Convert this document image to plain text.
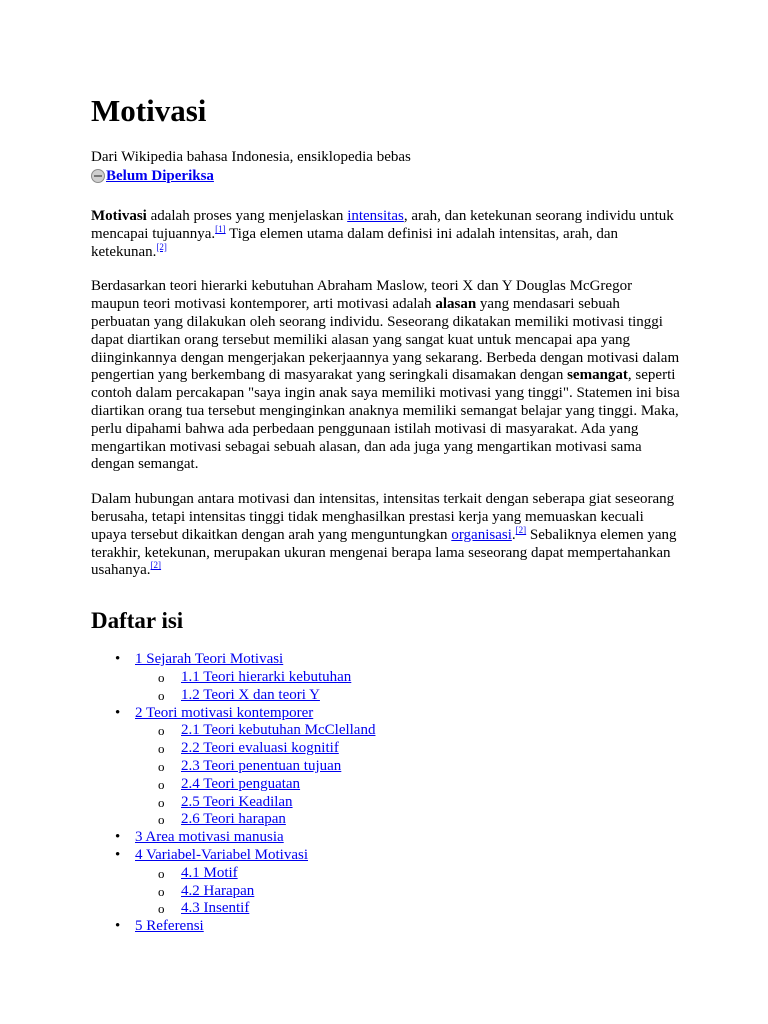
Motivasi
Dari Wikipedia bahasa Indonesia, ensiklopedia bebas
Belum Diperiksa

Motivasi adalah proses yang menjelaskan intensitas, arah, dan ketekunan seorang individu untuk mencapai tujuannya.[1] Tiga elemen utama dalam definisi ini adalah intensitas, arah, dan ketekunan.[2]

Berdasarkan teori hierarki kebutuhan Abraham Maslow, teori X dan Y Douglas McGregor maupun teori motivasi kontemporer, arti motivasi adalah alasan yang mendasari sebuah perbuatan yang dilakukan oleh seorang individu. Seseorang dikatakan memiliki motivasi tinggi dapat diartikan orang tersebut memiliki alasan yang sangat kuat untuk mencapai apa yang diinginkannya dengan mengerjakan pekerjaannya yang sekarang. Berbeda dengan motivasi dalam pengertian yang berkembang di masyarakat yang seringkali disamakan dengan semangat, seperti contoh dalam percakapan "saya ingin anak saya memiliki motivasi yang tinggi". Statemen ini bisa diartikan orang tua tersebut menginginkan anaknya memiliki semangat belajar yang tinggi. Maka, perlu dipahami bahwa ada perbedaan penggunaan istilah motivasi di masyarakat. Ada yang mengartikan motivasi sebagai sebuah alasan, dan ada juga yang mengartikan motivasi sama dengan semangat.

Dalam hubungan antara motivasi dan intensitas, intensitas terkait dengan seberapa giat seseorang berusaha, tetapi intensitas tinggi tidak menghasilkan prestasi kerja yang memuaskan kecuali upaya tersebut dikaitkan dengan arah yang menguntungkan organisasi.[2] Sebaliknya elemen yang terakhir, ketekunan, merupakan ukuran mengenai berapa lama seseorang dapat mempertahankan usahanya.[2]

Daftar isi
• 1 Sejarah Teori Motivasi
o 1.1 Teori hierarki kebutuhan
o 1.2 Teori X dan teori Y
• 2 Teori motivasi kontemporer
o 2.1 Teori kebutuhan McClelland
o 2.2 Teori evaluasi kognitif
o 2.3 Teori penentuan tujuan
o 2.4 Teori penguatan
o 2.5 Teori Keadilan
o 2.6 Teori harapan
• 3 Area motivasi manusia
• 4 Variabel-Variabel Motivasi
o 4.1 Motif
o 4.2 Harapan
o 4.3 Insentif
• 5 Referensi
